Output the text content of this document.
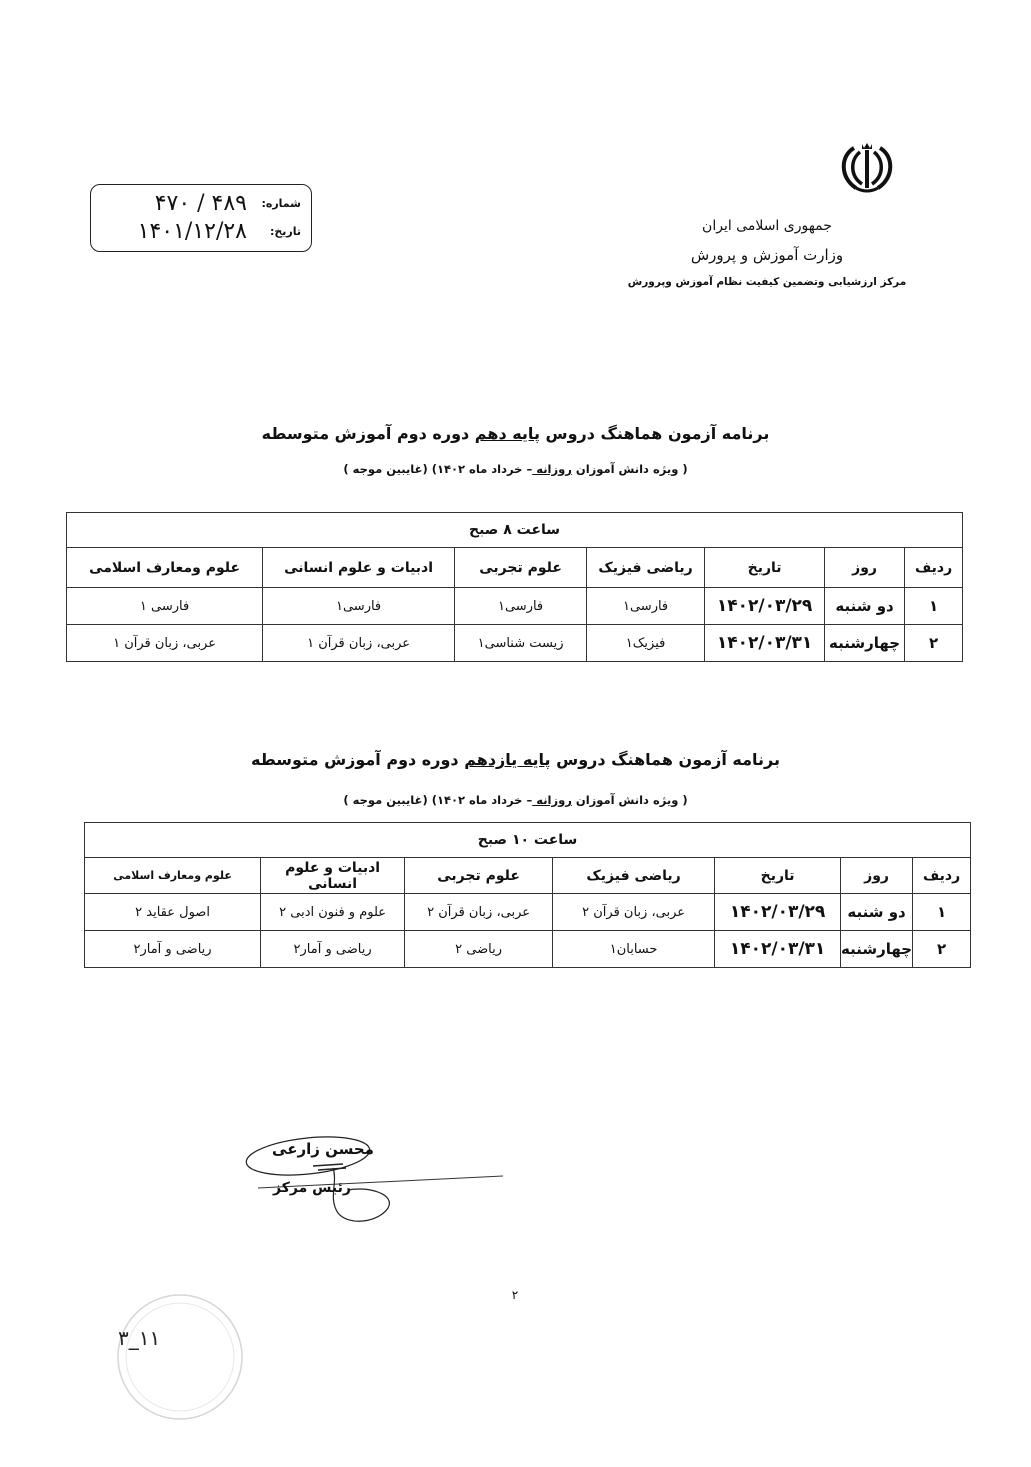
جمهوری اسلامی ایران
وزارت آموزش و پرورش
مرکز ارزشیابی وتضمین کیفیت نظام آموزش وپرورش
شماره:
۴۷۰ / ۴۸۹
تاریخ:
۱۴۰۱/۱۲/۲۸
برنامه آزمون هماهنگ دروس پایه دهم دوره دوم آموزش متوسطه
( ویژه دانش آموزان روزانه – خرداد ماه ۱۴۰۲) (غایبین موجه )
ساعت ۸ صبح						
ردیف	روز	تاریخ	ریاضی فیزیک	علوم تجربی	ادبیات و علوم انسانی	علوم ومعارف اسلامی
۱	دو شنبه	۱۴۰۲/۰۳/۲۹	فارسی۱	فارسی۱	فارسی۱	فارسی ۱
۲	چهارشنبه	۱۴۰۲/۰۳/۳۱	فیزیک۱	زیست شناسی۱	عربی، زبان قرآن ۱	عربی، زبان قرآن ۱
برنامه آزمون هماهنگ دروس پایه یازدهم دوره دوم آموزش متوسطه
( ویژه دانش آموزان روزانه – خرداد ماه ۱۴۰۲) (غایبین موجه )
ساعت ۱۰ صبح						
ردیف	روز	تاریخ	ریاضی فیزیک	علوم تجربی	ادبیات و علوم انسانی	علوم ومعارف اسلامی
۱	دو شنبه	۱۴۰۲/۰۳/۲۹	عربی، زبان قرآن ۲	عربی، زبان قرآن ۲	علوم و فنون ادبی ۲	اصول عقاید ۲
۲	چهارشنبه	۱۴۰۲/۰۳/۳۱	حسابان۱	ریاضی ۲	ریاضی و آمار۲	ریاضی و آمار۲
محسن زارعی
رئیس مرکز
۲
۳_۱۱
